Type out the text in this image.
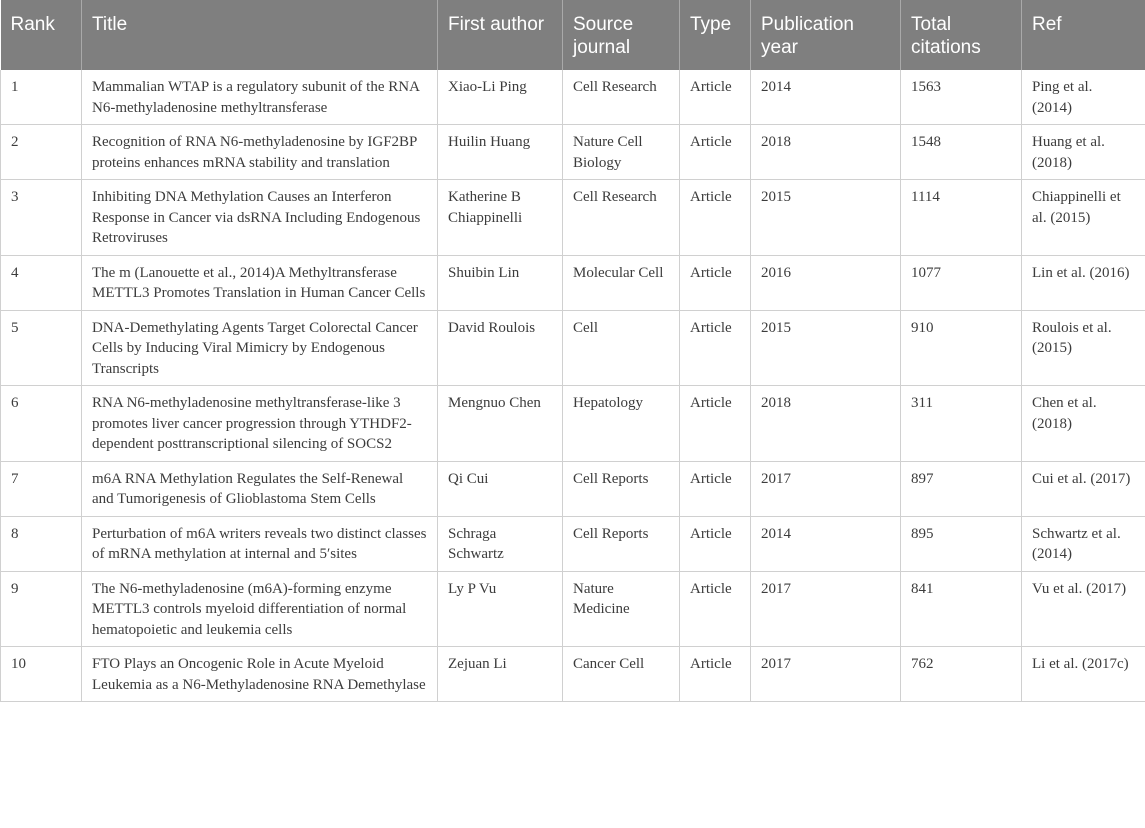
Rank	Title	First author	Source journal	Type	Publication year	Total citations	Ref
1	Mammalian WTAP is a regulatory subunit of the RNA N6-methyladenosine methyltransferase	Xiao-Li Ping	Cell Research	Article	2014	1563	Ping et al. (2014)
2	Recognition of RNA N6-methyladenosine by IGF2BP proteins enhances mRNA stability and translation	Huilin Huang	Nature Cell Biology	Article	2018	1548	Huang et al. (2018)
3	Inhibiting DNA Methylation Causes an Interferon Response in Cancer via dsRNA Including Endogenous Retroviruses	Katherine B Chiappinelli	Cell Research	Article	2015	1114	Chiappinelli et al. (2015)
4	The m (Lanouette et al., 2014)A Methyltransferase METTL3 Promotes Translation in Human Cancer Cells	Shuibin Lin	Molecular Cell	Article	2016	1077	Lin et al. (2016)
5	DNA-Demethylating Agents Target Colorectal Cancer Cells by Inducing Viral Mimicry by Endogenous Transcripts	David Roulois	Cell	Article	2015	910	Roulois et al. (2015)
6	RNA N6-methyladenosine methyltransferase-like 3 promotes liver cancer progression through YTHDF2-dependent posttranscriptional silencing of SOCS2	Mengnuo Chen	Hepatology	Article	2018	311	Chen et al. (2018)
7	m6A RNA Methylation Regulates the Self-Renewal and Tumorigenesis of Glioblastoma Stem Cells	Qi Cui	Cell Reports	Article	2017	897	Cui et al. (2017)
8	Perturbation of m6A writers reveals two distinct classes of mRNA methylation at internal and 5′sites	Schraga Schwartz	Cell Reports	Article	2014	895	Schwartz et al. (2014)
9	The N6-methyladenosine (m6A)-forming enzyme METTL3 controls myeloid differentiation of normal hematopoietic and leukemia cells	Ly P Vu	Nature Medicine	Article	2017	841	Vu et al. (2017)
10	FTO Plays an Oncogenic Role in Acute Myeloid Leukemia as a N6-Methyladenosine RNA Demethylase	Zejuan Li	Cancer Cell	Article	2017	762	Li et al. (2017c)
